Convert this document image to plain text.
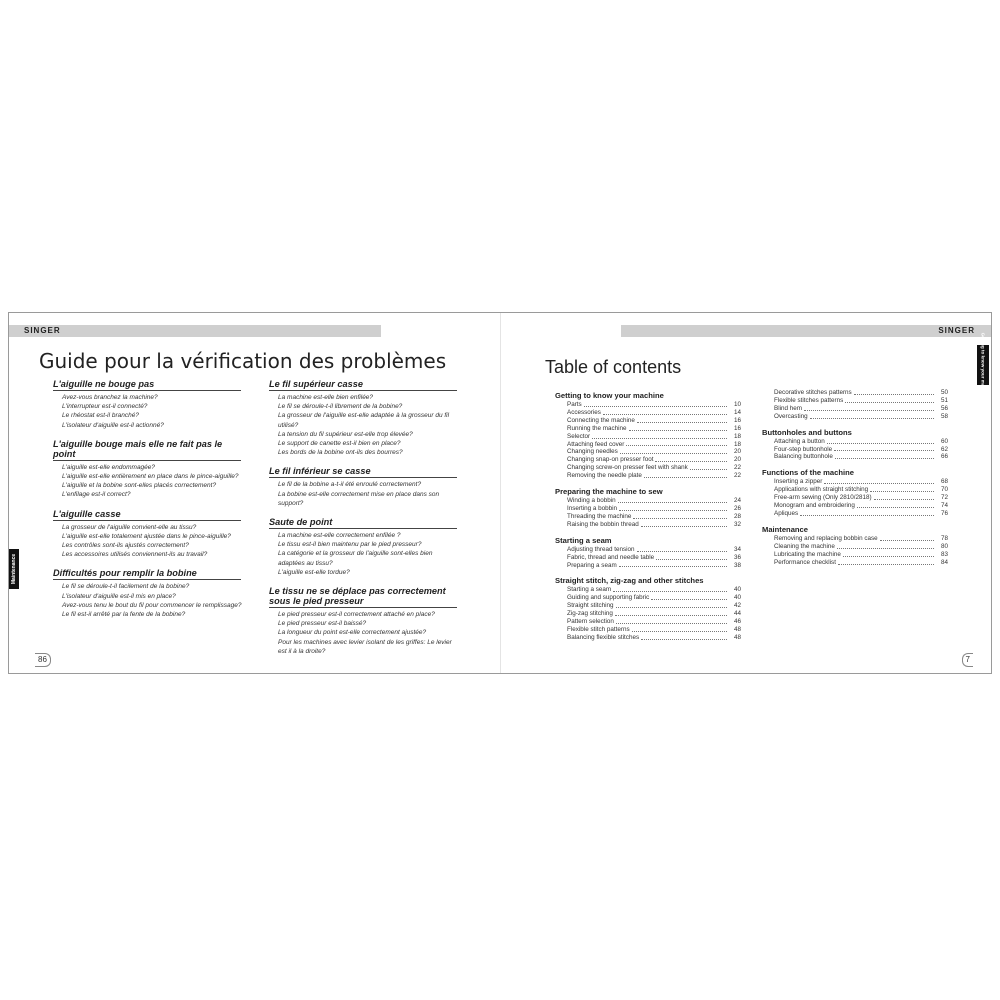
SINGER	SINGER
Guide pour la vérification des problèmes
L'aiguille ne bouge pas
Avez-vous branchez la machine?
L'interrupteur est-il connecté?
Le rhéostat est-il branché?
L'isolateur d'aiguille est-il actionné?
L'aiguille bouge mais elle ne fait pas le point
L'aiguille est-elle endommagée?
L'aiguille est-elle entièrement en place dans le pince-aiguille?
L'aiguille et la bobine sont-elles placés correctement?
L'enfilage est-il correct?
L'aiguille casse
La grosseur de l'aiguille convient-elle au tissu?
L'aiguille est-elle totalement ajustée dans le pince-aiguille?
Les contrôles sont-ils ajustés correctement?
Les accessoires utilisés conviennent-ils au travail?
Difficultés pour remplir la bobine
Le fil se déroule-t-il facilement de la bobine?
L'isolateur d'aiguille est-il mis en place?
Avez-vous tenu le bout du fil pour commencer le remplissage?
Le fil est-il arrêté par la fente de la bobine?
Le fil supérieur casse
La machine est-elle bien enfilée?
Le fil se déroule-t-il librement de la bobine?
La grosseur de l'aiguille est-elle adaptée à la grosseur du fil utilisé?
La tension du fil supérieur est-elle trop élevée?
Le support de canette est-il bien en place?
Les bords de la bobine ont-ils des bourres?
Le fil inférieur se casse
Le fil de la bobine a-t-il été enroulé correctement?
La bobine est-elle correctement mise en place dans son support?
Saute de point
La machine est-elle correctement enfilée ?
Le tissu est-il bien maintenu par le pied presseur?
La catégorie et la grosseur de l'aiguille sont-elles bien adaptées au tissu?
L'aiguille est-elle tordue?
Le tissu ne se déplace pas correctement sous le pied presseur
Le pied presseur est-il correctement attaché en place?
Le pied presseur est-il baissé?
La longueur du point est-elle correctement ajustée?
Pour les machines avec levier isolant de les griffes: Le levier est il à la droite?
Maintenance
86
Table of contents
Getting to know your machine
Parts	10
Accessories	14
Connecting the machine	16
Running the machine	16
Selector	18
Attaching feed cover	18
Changing needles	20
Changing snap-on presser foot	20
Changing screw-on presser feet with shank	22
Removing the needle plate	22
Preparing the machine to sew
Winding a bobbin	24
Inserting a bobbin	26
Threading the machine	28
Raising the bobbin thread	32
Starting a seam
Adjusting thread tension	34
Fabric, thread and needle table	36
Preparing a seam	38
Straight stitch, zig-zag and other stitches
Starting a seam	40
Guiding and supporting fabric	40
Straight stitching	42
Zig-zag stitching	44
Pattern selection	46
Flexible stitch patterns	48
Balancing flexible stitches	48
Decorative stitches patterns	50
Flexible stitches patterns	51
Blind hem	56
Overcasting	58
Buttonholes and buttons
Attaching a button	60
Four-step buttonhole	62
Balancing buttonhole	66
Functions of the machine
Inserting a zipper	68
Applications with straight stitching	70
Free-arm sewing (Only 2810/2818)	72
Monogram and embroidering	74
Apliques	76
Maintenance
Removing and replacing bobbin case	78
Cleaning the machine	80
Lubricating the machine	83
Performance checklist	84
Getting to know your machine
7
